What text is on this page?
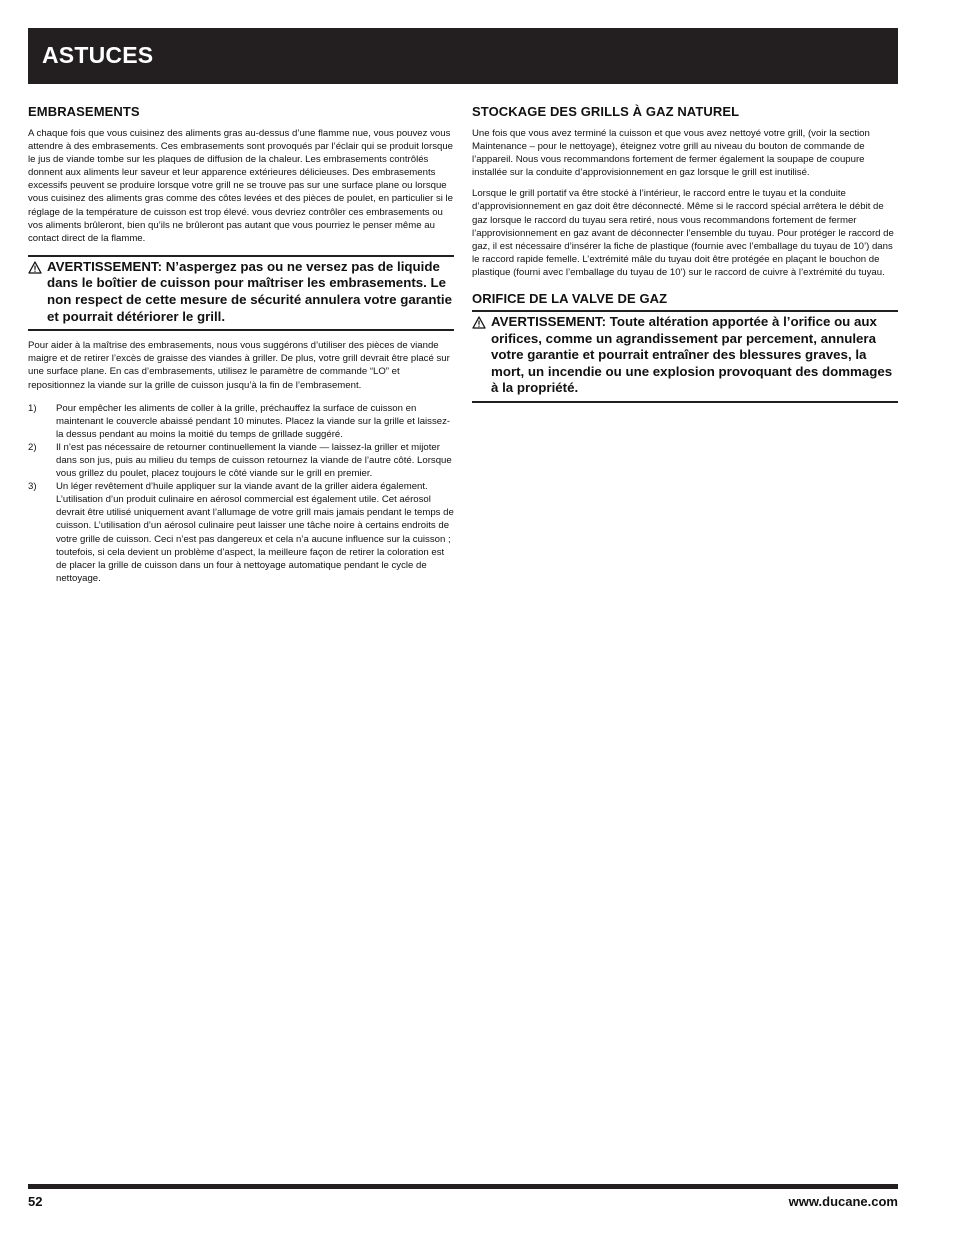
ASTUCES
EMBRASEMENTS

A chaque fois que vous cuisinez des aliments gras au-dessus d’une flamme nue, vous pouvez vous attendre à des embrasements. Ces embrasements sont provoqués par l’éclair qui se produit lorsque le jus de viande tombe sur les plaques de diffusion de la chaleur. Les embrasements contrôlés donnent aux aliments leur saveur et leur apparence extérieures délicieuses. Des embrasements excessifs peuvent se produire lorsque votre grill ne se trouve pas sur une surface plane ou lorsque vous cuisinez des aliments gras comme des côtes levées et des pièces de poulet, en particulier si le réglage de la température de cuisson est trop élevé. vous devriez contrôler ces embrasements ou vos aliments brûleront, bien qu’ils ne brûleront pas autant que vous pourriez le penser même au contact direct de la flamme.

AVERTISSEMENT: N’aspergez pas ou ne versez pas de liquide dans le boîtier de cuisson pour maîtriser les embrasements. Le non respect de cette mesure de sécurité annulera votre garantie et pourrait détériorer le grill.

Pour aider à la maîtrise des embrasements, nous vous suggérons d’utiliser des pièces de viande maigre et de retirer l’excès de graisse des viandes à griller. De plus, votre grill devrait être placé sur une surface plane. En cas d’embrasements, utilisez le paramètre de commande “LO” et repositionnez la viande sur la grille de cuisson jusqu’à la fin de l’embrasement.

1) Pour empêcher les aliments de coller à la grille, préchauffez la surface de cuisson en maintenant le couvercle abaissé pendant 10 minutes. Placez la viande sur la grille et laissez-la dessus pendant au moins la moitié du temps de grillade suggéré.
2) Il n’est pas nécessaire de retourner continuellement la viande — laissez-la griller et mijoter dans son jus, puis au milieu du temps de cuisson retournez la viande de l’autre côté. Lorsque vous grillez du poulet, placez toujours le côté viande sur le grill en premier.
3) Un léger revêtement d’huile appliquer sur la viande avant de la griller aidera également. L’utilisation d’un produit culinaire en aérosol commercial est également utile. Cet aérosol devrait être utilisé uniquement avant l’allumage de votre grill mais jamais pendant le temps de cuisson. L’utilisation d’un aérosol culinaire peut laisser une tâche noire à certains endroits de votre grille de cuisson. Ceci n’est pas dangereux et cela n’a aucune influence sur la cuisson ; toutefois, si cela devient un problème d’aspect, la meilleure façon de retirer la coloration est de placer la grille de cuisson dans un four à nettoyage automatique pendant le cycle de nettoyage.
STOCKAGE DES GRILLS À GAZ NATUREL

Une fois que vous avez terminé la cuisson et que vous avez nettoyé votre grill, (voir la section Maintenance – pour le nettoyage), éteignez votre grill au niveau du bouton de commande de l’appareil. Nous vous recommandons fortement de fermer également la soupape de coupure installée sur la conduite d’approvisionnement en gaz lorsque le grill est inutilisé.

Lorsque le grill portatif va être stocké à l’intérieur, le raccord entre le tuyau et la conduite d’approvisionnement en gaz doit être déconnecté. Même si le raccord spécial arrêtera le débit de gaz lorsque le raccord du tuyau sera retiré, nous vous recommandons fortement de fermer l’approvisionnement en gaz avant de déconnecter l’ensemble du tuyau. Pour protéger le raccord de gaz, il est nécessaire d’insérer la fiche de plastique (fournie avec l’emballage du tuyau de 10’) dans le raccord rapide femelle. L’extrémité mâle du tuyau doit être protégée en plaçant le bouchon de plastique (fourni avec l’emballage du tuyau de 10’) sur le raccord de cuivre à l’extrémité du tuyau.

ORIFICE DE LA VALVE DE GAZ
AVERTISSEMENT: Toute altération apportée à l’orifice ou aux orifices, comme un agrandissement par percement, annulera votre garantie et pourrait entraîner des blessures graves, la mort, un incendie ou une explosion provoquant des dommages à la propriété.
52	www.ducane.com
